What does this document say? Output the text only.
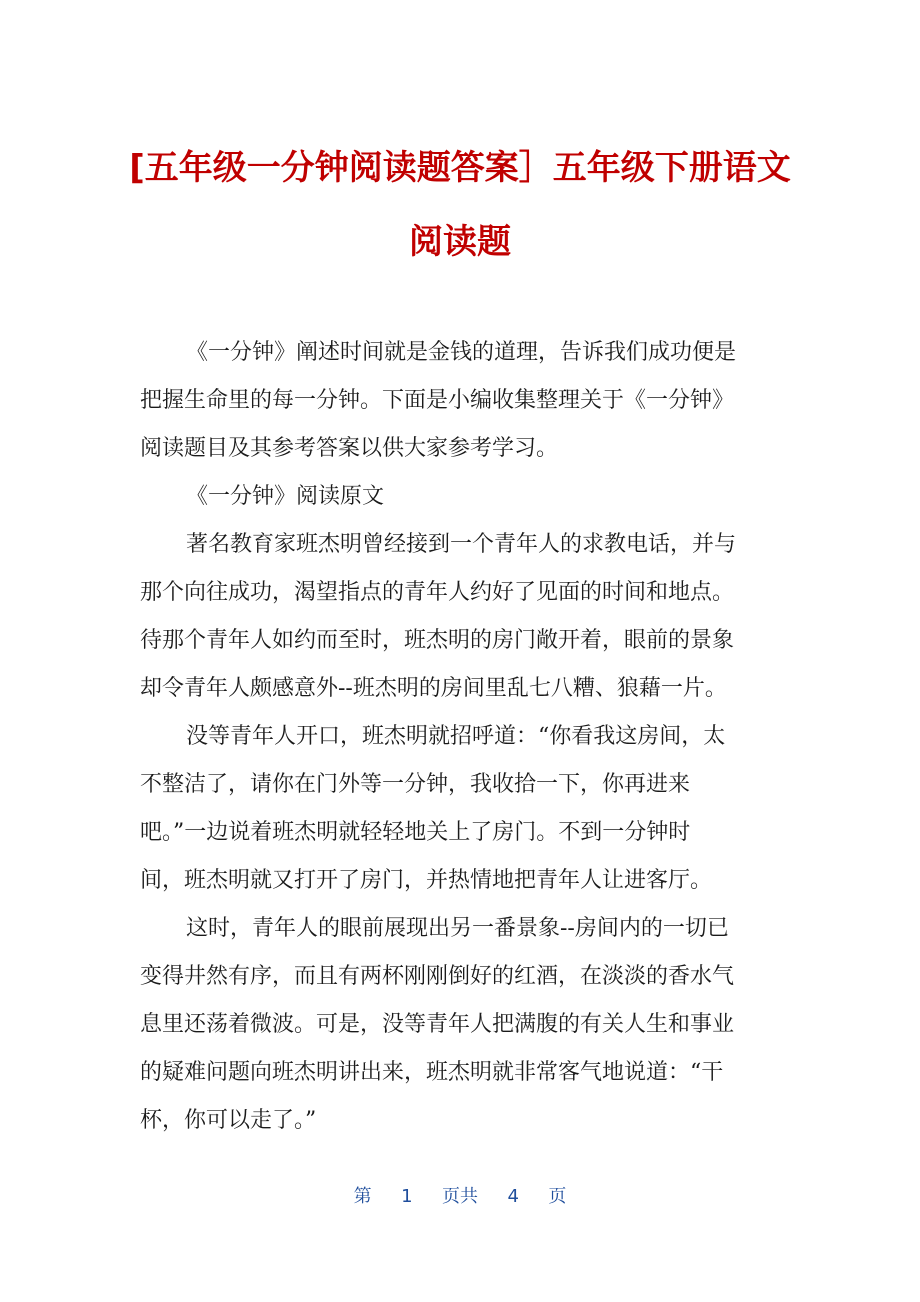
[五年级一分钟阅读题答案］五年级下册语文
阅读题
《一分钟》阐述时间就是金钱的道理，告诉我们成功便是
把握生命里的每一分钟。下面是小编收集整理关于《一分钟》
阅读题目及其参考答案以供大家参考学习。
《一分钟》阅读原文
著名教育家班杰明曾经接到一个青年人的求教电话，并与
那个向往成功，渴望指点的青年人约好了见面的时间和地点。
待那个青年人如约而至时，班杰明的房门敞开着，眼前的景象
却令青年人颇感意外--班杰明的房间里乱七八糟、狼藉一片。
没等青年人开口，班杰明就招呼道：“你看我这房间，太
不整洁了，请你在门外等一分钟，我收拾一下，你再进来
吧。”一边说着班杰明就轻轻地关上了房门。不到一分钟时
间，班杰明就又打开了房门，并热情地把青年人让进客厅。
这时，青年人的眼前展现出另一番景象--房间内的一切已
变得井然有序，而且有两杯刚刚倒好的红酒，在淡淡的香水气
息里还荡着微波。可是，没等青年人把满腹的有关人生和事业
的疑难问题向班杰明讲出来，班杰明就非常客气地说道：“干
杯，你可以走了。”
第 1 页共 4 页
